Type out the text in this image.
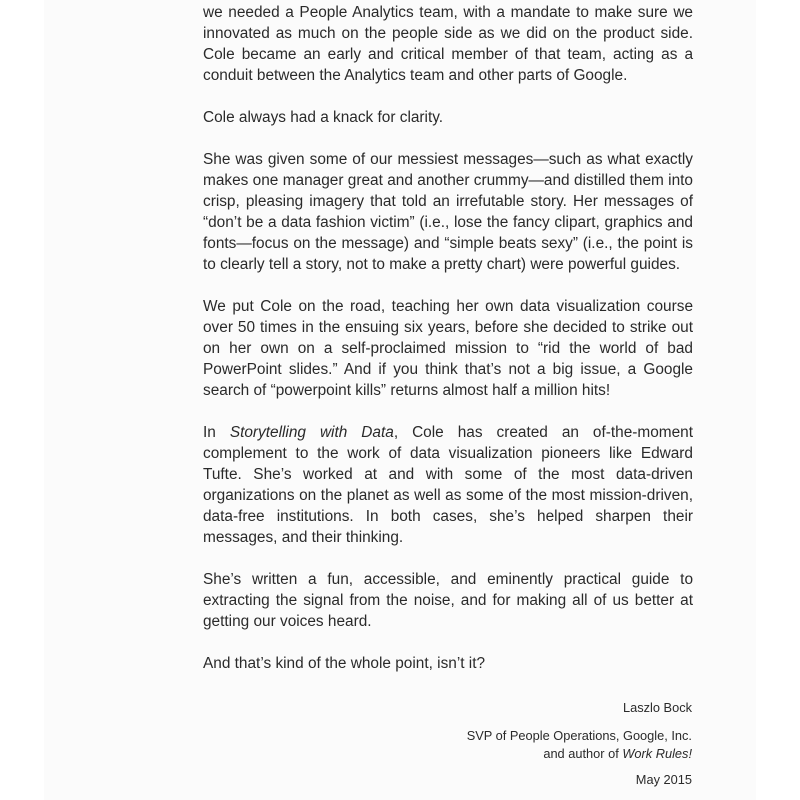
we needed a People Analytics team, with a mandate to make sure we innovated as much on the people side as we did on the product side. Cole became an early and critical member of that team, acting as a conduit between the Analytics team and other parts of Google.

Cole always had a knack for clarity.

She was given some of our messiest messages—such as what exactly makes one manager great and another crummy—and distilled them into crisp, pleasing imagery that told an irrefutable story. Her messages of “don’t be a data fashion victim” (i.e., lose the fancy clipart, graphics and fonts—focus on the message) and “simple beats sexy” (i.e., the point is to clearly tell a story, not to make a pretty chart) were powerful guides.

We put Cole on the road, teaching her own data visualization course over 50 times in the ensuing six years, before she decided to strike out on her own on a self-proclaimed mission to “rid the world of bad PowerPoint slides.” And if you think that’s not a big issue, a Google search of “powerpoint kills” returns almost half a million hits!

In Storytelling with Data, Cole has created an of-the-moment complement to the work of data visualization pioneers like Edward Tufte. She’s worked at and with some of the most data-driven organizations on the planet as well as some of the most mission-driven, data-free institutions. In both cases, she’s helped sharpen their messages, and their thinking.

She’s written a fun, accessible, and eminently practical guide to extracting the signal from the noise, and for making all of us better at getting our voices heard.

And that’s kind of the whole point, isn’t it?

Laszlo Bock
SVP of People Operations, Google, Inc.
and author of Work Rules!
May 2015
